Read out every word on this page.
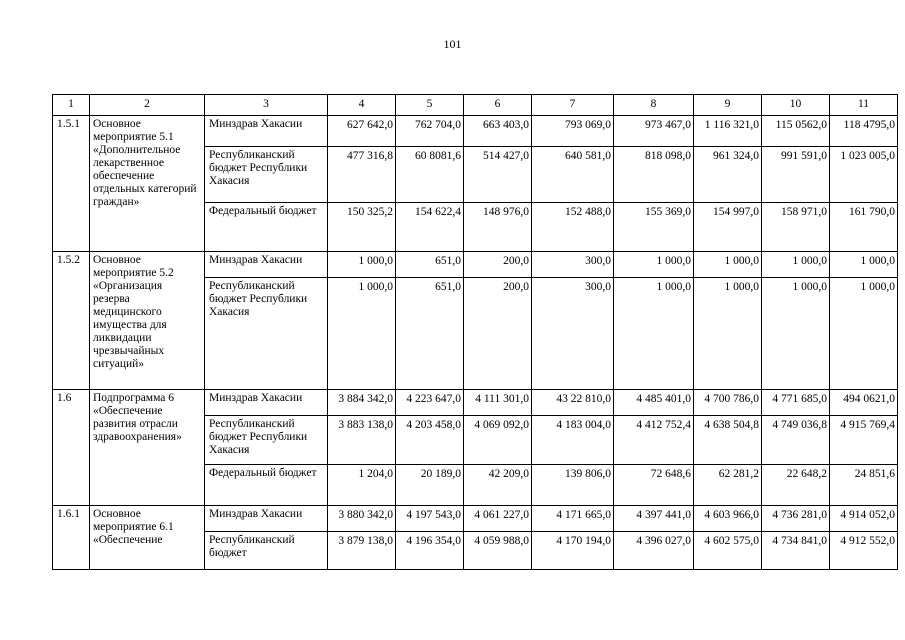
101
1	2	3	4	5	6	7	8	9	10	11
1.5.1	Основное мероприятие 5.1 «Дополнительное лекарственное обеспечение отдельных категорий граждан»	Минздрав Хакасии	627 642,0	762 704,0	663 403,0	793 069,0	973 467,0	1 116 321,0	115 0562,0	118 4795,0
		Республиканский бюджет Республики Хакасия	477 316,8	60 8081,6	514 427,0	640 581,0	818 098,0	961 324,0	991 591,0	1 023 005,0
		Федеральный бюджет	150 325,2	154 622,4	148 976,0	152 488,0	155 369,0	154 997,0	158 971,0	161 790,0
1.5.2	Основное мероприятие 5.2 «Организация резерва медицинского имущества для ликвидации чрезвычайных ситуаций»	Минздрав Хакасии	1 000,0	651,0	200,0	300,0	1 000,0	1 000,0	1 000,0	1 000,0
		Республиканский бюджет Республики Хакасия	1 000,0	651,0	200,0	300,0	1 000,0	1 000,0	1 000,0	1 000,0
1.6	Подпрограмма 6 «Обеспечение развития отрасли здравоохранения»	Минздрав Хакасии	3 884 342,0	4 223 647,0	4 111 301,0	43 22 810,0	4 485 401,0	4 700 786,0	4 771 685,0	494 0621,0
		Республиканский бюджет Республики Хакасия	3 883 138,0	4 203 458,0	4 069 092,0	4 183 004,0	4 412 752,4	4 638 504,8	4 749 036,8	4 915 769,4
		Федеральный бюджет	1 204,0	20 189,0	42 209,0	139 806,0	72 648,6	62 281,2	22 648,2	24 851,6
1.6.1	Основное мероприятие 6.1 «Обеспечение	Минздрав Хакасии	3 880 342,0	4 197 543,0	4 061 227,0	4 171 665,0	4 397 441,0	4 603 966,0	4 736 281,0	4 914 052,0
		Республиканский бюджет	3 879 138,0	4 196 354,0	4 059 988,0	4 170 194,0	4 396 027,0	4 602 575,0	4 734 841,0	4 912 552,0
